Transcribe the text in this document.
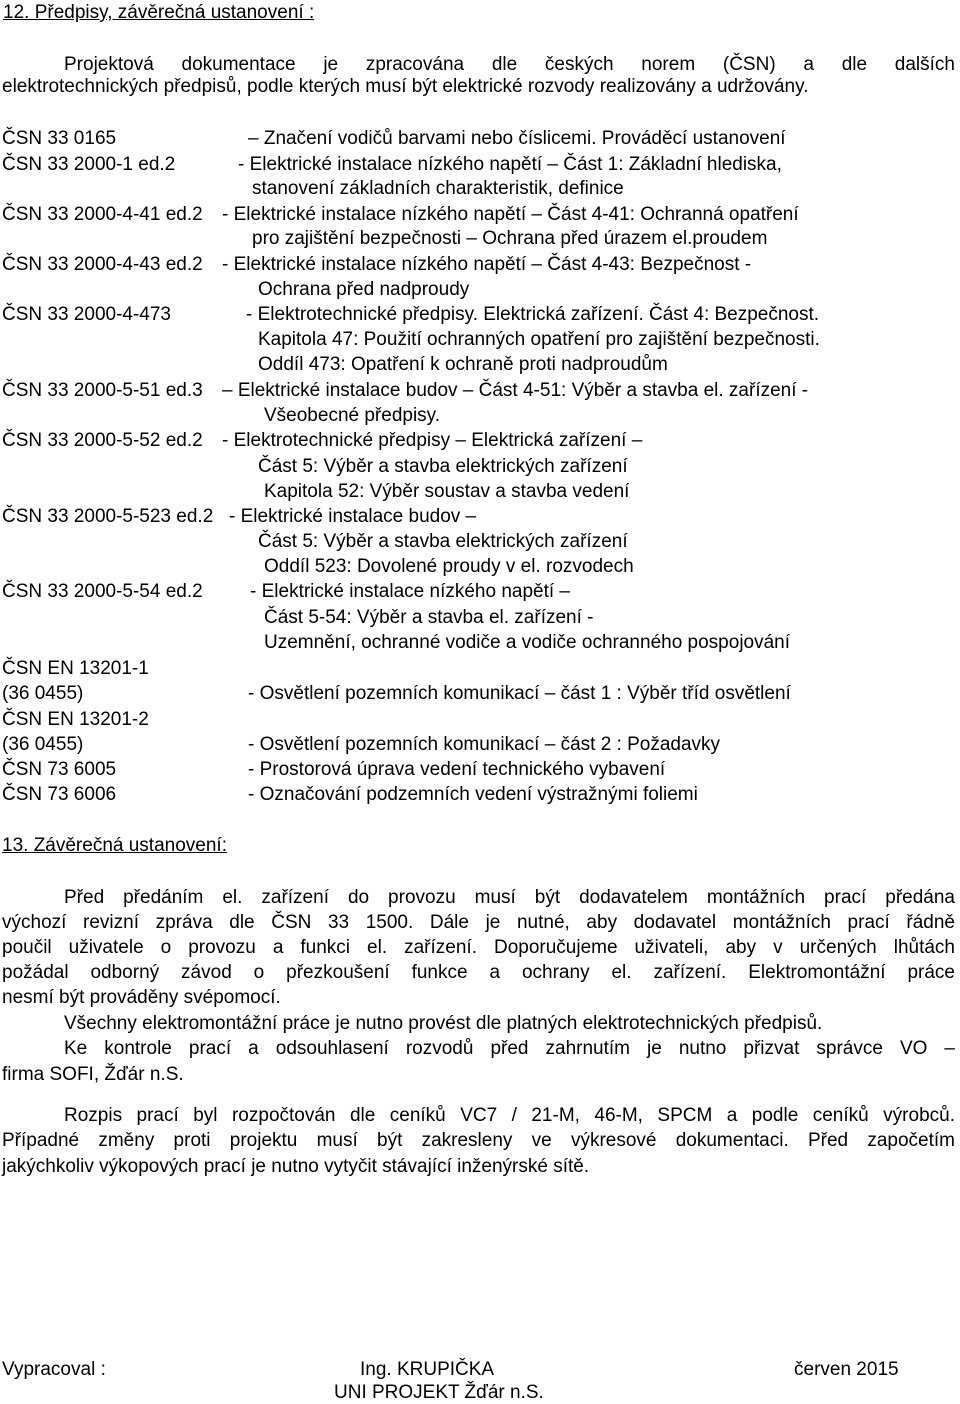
12. Předpisy, závěrečná ustanovení :
Projektová dokumentace je zpracována dle českých norem (ČSN) a dle dalších
elektrotechnických předpisů, podle kterých musí být elektrické rozvody realizovány a udržovány.
ČSN 33 0165	– Značení vodičů barvami nebo číslicemi. Prováděcí ustanovení
ČSN 33 2000-1 ed.2	- Elektrické instalace nízkého napětí – Část 1: Základní hlediska,
stanovení základních charakteristik, definice
ČSN 33 2000-4-41 ed.2 - Elektrické instalace nízkého napětí – Část 4-41: Ochranná opatření
pro zajištění bezpečnosti – Ochrana před úrazem el.proudem
ČSN 33 2000-4-43 ed.2 - Elektrické instalace nízkého napětí – Část 4-43: Bezpečnost -
Ochrana před nadproudy
ČSN 33 2000-4-473	- Elektrotechnické předpisy. Elektrická zařízení. Část 4: Bezpečnost.
Kapitola 47: Použití ochranných opatření pro zajištění bezpečnosti.
Oddíl 473: Opatření k ochraně proti nadproudům
ČSN 33 2000-5-51 ed.3 – Elektrické instalace budov – Část 4-51: Výběr a stavba el. zařízení -
Všeobecné předpisy.
ČSN 33 2000-5-52 ed.2 - Elektrotechnické předpisy – Elektrická zařízení –
Část 5: Výběr a stavba elektrických zařízení
Kapitola 52: Výběr soustav a stavba vedení
ČSN 33 2000-5-523 ed.2 - Elektrické instalace budov –
Část 5: Výběr a stavba elektrických zařízení
Oddíl 523: Dovolené proudy v el. rozvodech
ČSN 33 2000-5-54 ed.2 - Elektrické instalace nízkého napětí –
Část 5-54: Výběr a stavba el. zařízení -
Uzemnění, ochranné vodiče a vodiče ochranného pospojování
ČSN EN 13201-1
(36 0455)	- Osvětlení pozemních komunikací – část 1 : Výběr tříd osvětlení
ČSN EN 13201-2
(36 0455)	- Osvětlení pozemních komunikací – část 2 : Požadavky
ČSN 73 6005	- Prostorová úprava vedení technického vybavení
ČSN 73 6006	- Označování podzemních vedení výstražnými foliemi
13. Závěrečná ustanovení:
Před předáním el. zařízení do provozu musí být dodavatelem montážních prací předána
výchozí revizní zpráva dle ČSN 33 1500. Dále je nutné, aby dodavatel montážních prací řádně
poučil uživatele o provozu a funkci el. zařízení. Doporučujeme uživateli, aby v určených lhůtách
požádal odborný závod o přezkoušení funkce a ochrany el. zařízení. Elektromontážní práce
nesmí být prováděny svépomocí.
Všechny elektromontážní práce je nutno provést dle platných elektrotechnických předpisů.
Ke kontrole prací a odsouhlasení rozvodů před zahrnutím je nutno přizvat správce VO –
firma SOFI, Žďár n.S.
Rozpis prací byl rozpočtován dle ceníků VC7 / 21-M, 46-M, SPCM a podle ceníků výrobců.
Případné změny proti projektu musí být zakresleny ve výkresové dokumentaci. Před započetím
jakýchkoliv výkopových prací je nutno vytyčit stávající inženýrské sítě.
Vypracoval :	Ing. KRUPIČKA	červen 2015
UNI PROJEKT Žďár n.S.
